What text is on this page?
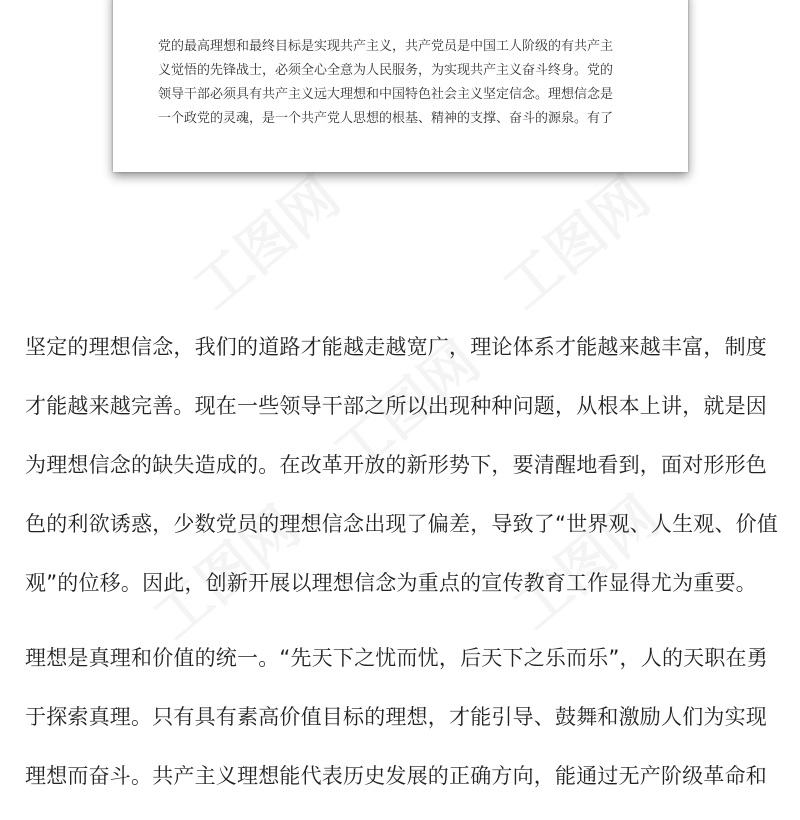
党的最高理想和最终目标是实现共产主义，共产党员是中国工人阶级的有共产主
义觉悟的先锋战士，必须全心全意为人民服务，为实现共产主义奋斗终身。党的
领导干部必须具有共产主义远大理想和中国特色社会主义坚定信念。理想信念是
一个政党的灵魂，是一个共产党人思想的根基、精神的支撑、奋斗的源泉。有了
坚定的理想信念，我们的道路才能越走越宽广，理论体系才能越来越丰富，制度
才能越来越完善。现在一些领导干部之所以出现种种问题，从根本上讲，就是因
为理想信念的缺失造成的。在改革开放的新形势下，要清醒地看到，面对形形色
色的利欲诱惑，少数党员的理想信念出现了偏差，导致了“世界观、人生观、价值
观”的位移。因此，创新开展以理想信念为重点的宣传教育工作显得尤为重要。
理想是真理和价值的统一。“先天下之忧而忧，后天下之乐而乐”，人的天职在勇
于探索真理。只有具有素高价值目标的理想，才能引导、鼓舞和激励人们为实现
理想而奋斗。共产主义理想能代表历史发展的正确方向，能通过无产阶级革命和
